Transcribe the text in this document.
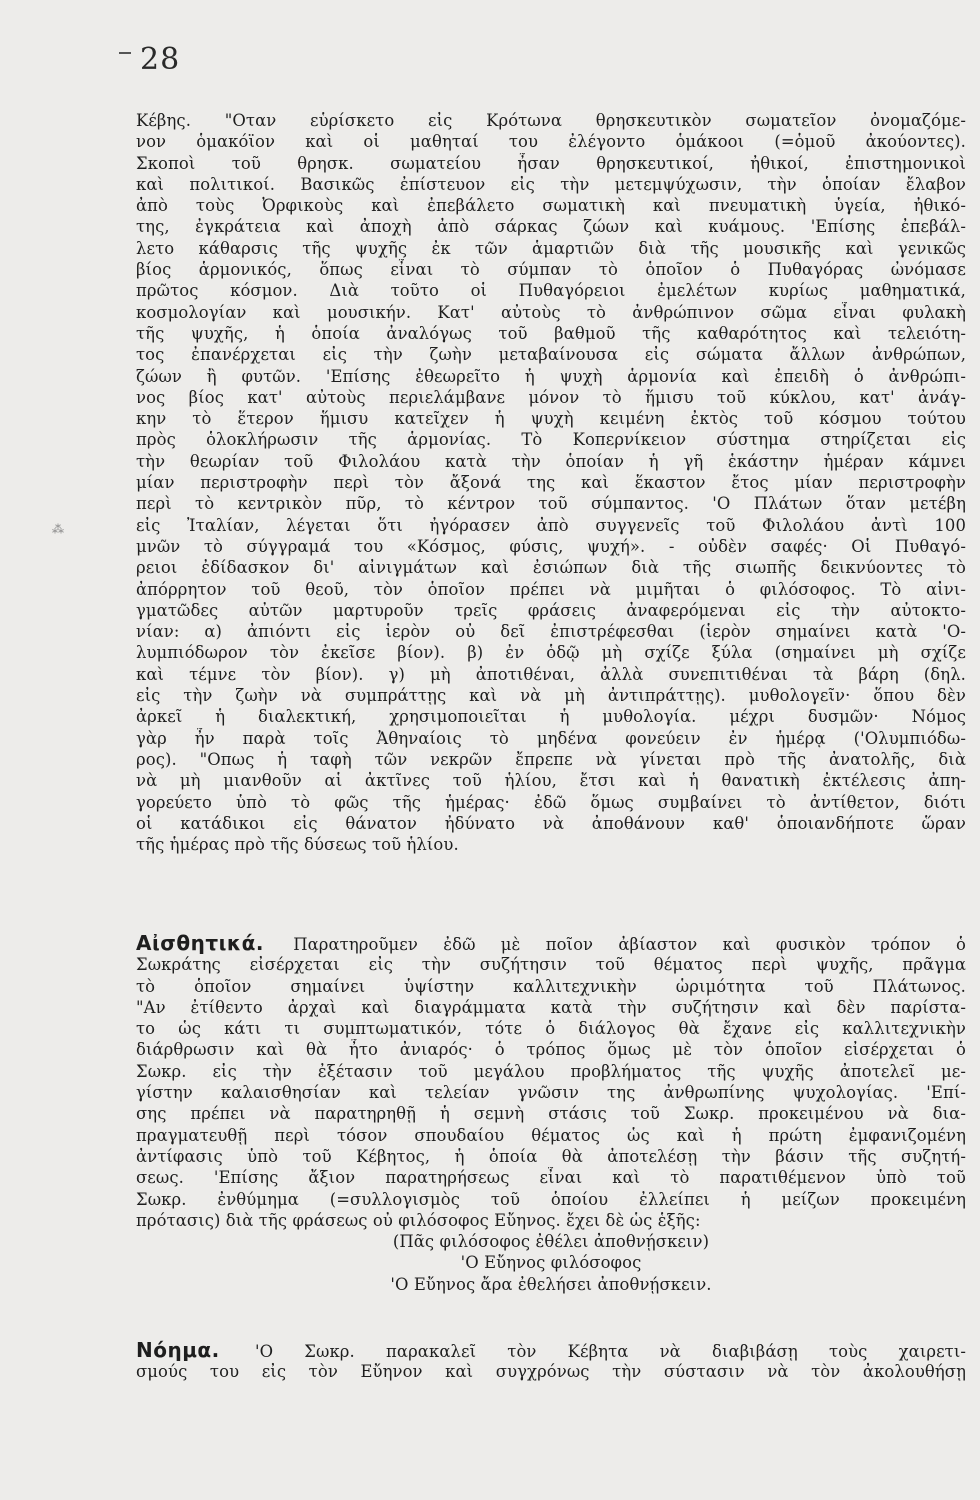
28
⁂
Κέβης. "Οταν εὑρίσκετο εἰς Κρότωνα θρησκευτικὸν σωματεῖον ὀνομαζόμε-
νον ὁμακόϊον καὶ οἱ μαθηταί του ἐλέγοντο ὁμάκοοι (=ὁμοῦ ἀκούοντες).
Σκοποὶ τοῦ θρησκ. σωματείου ἦσαν θρησκευτικοί, ἠθικοί, ἐπιστημονικοὶ
καὶ πολιτικοί. Βασικῶς ἐπίστευον εἰς τὴν μετεμψύχωσιν, τὴν ὁποίαν ἔλαβον
ἀπὸ τοὺς Ὀρφικοὺς καὶ ἐπεβάλετο σωματικὴ καὶ πνευματικὴ ὑγεία, ἠθικό-
της, ἐγκράτεια καὶ ἀποχὴ ἀπὸ σάρκας ζώων καὶ κυάμους. 'Επίσης ἐπεβάλ-
λετο κάθαρσις τῆς ψυχῆς ἐκ τῶν ἁμαρτιῶν διὰ τῆς μουσικῆς καὶ γενικῶς
βίος ἁρμονικός, ὅπως εἶναι τὸ σύμπαν τὸ ὁποῖον ὁ Πυθαγόρας ὠνόμασε
πρῶτος κόσμον. Διὰ τοῦτο οἱ Πυθαγόρειοι ἐμελέτων κυρίως μαθηματικά,
κοσμολογίαν καὶ μουσικήν. Κατ' αὐτοὺς τὸ ἀνθρώπινον σῶμα εἶναι φυλακὴ
τῆς ψυχῆς, ἡ ὁποία ἀναλόγως τοῦ βαθμοῦ τῆς καθαρότητος καὶ τελειότη-
τος ἐπανέρχεται εἰς τὴν ζωὴν μεταβαίνουσα εἰς σώματα ἄλλων ἀνθρώπων,
ζώων ἢ φυτῶν. 'Επίσης ἐθεωρεῖτο ἡ ψυχὴ ἁρμονία καὶ ἐπειδὴ ὁ ἀνθρώπι-
νος βίος κατ' αὐτοὺς περιελάμβανε μόνον τὸ ἥμισυ τοῦ κύκλου, κατ' ἀνάγ-
κην τὸ ἕτερον ἥμισυ κατεῖχεν ἡ ψυχὴ κειμένη ἐκτὸς τοῦ κόσμου τούτου
πρὸς ὁλοκλήρωσιν τῆς ἁρμονίας. Τὸ Κοπερνίκειον σύστημα στηρίζεται εἰς
τὴν θεωρίαν τοῦ Φιλολάου κατὰ τὴν ὁποίαν ἡ γῆ ἑκάστην ἡμέραν κάμνει
μίαν περιστροφὴν περὶ τὸν ἄξονά της καὶ ἕκαστον ἔτος μίαν περιστροφὴν
περὶ τὸ κεντρικὸν πῦρ, τὸ κέντρον τοῦ σύμπαντος. 'Ο Πλάτων ὅταν μετέβη
εἰς Ἰταλίαν, λέγεται ὅτι ἠγόρασεν ἀπὸ συγγενεῖς τοῦ Φιλολάου ἀντὶ 100
μνῶν τὸ σύγγραμά του «Κόσμος, φύσις, ψυχή». - οὐδὲν σαφές· Οἱ Πυθαγό-
ρειοι ἐδίδασκον δι' αἰνιγμάτων καὶ ἐσιώπων διὰ τῆς σιωπῆς δεικνύοντες τὸ
ἀπόρρητον τοῦ θεοῦ, τὸν ὁποῖον πρέπει νὰ μιμῆται ὁ φιλόσοφος. Τὸ αἰνι-
γματῶδες αὐτῶν μαρτυροῦν τρεῖς φράσεις ἀναφερόμεναι εἰς τὴν αὐτοκτο-
νίαν: α) ἀπιόντι εἰς ἱερὸν οὐ δεῖ ἐπιστρέφεσθαι (ἱερὸν σημαίνει κατὰ 'Ο-
λυμπιόδωρον τὸν ἐκεῖσε βίον). β) ἐν ὁδῷ μὴ σχίζε ξύλα (σημαίνει μὴ σχίζε
καὶ τέμνε τὸν βίον). γ) μὴ ἀποτιθέναι, ἀλλὰ συνεπιτιθέναι τὰ βάρη (δηλ.
εἰς τὴν ζωὴν νὰ συμπράττῃς καὶ νὰ μὴ ἀντιπράττῃς). μυθολογεῖν· ὅπου δὲν
ἀρκεῖ ἡ διαλεκτική, χρησιμοποιεῖται ἡ μυθολογία. μέχρι δυσμῶν· Νόμος
γὰρ ἦν παρὰ τοῖς Ἀθηναίοις τὸ μηδένα φονεύειν ἐν ἡμέρᾳ ('Ολυμπιόδω-
ρος). "Οπως ἡ ταφὴ τῶν νεκρῶν ἔπρεπε νὰ γίνεται πρὸ τῆς ἀνατολῆς, διὰ
νὰ μὴ μιανθοῦν αἱ ἀκτῖνες τοῦ ἡλίου, ἔτσι καὶ ἡ θανατικὴ ἐκτέλεσις ἀπη-
γορεύετο ὑπὸ τὸ φῶς τῆς ἡμέρας· ἐδῶ ὅμως συμβαίνει τὸ ἀντίθετον, διότι
οἱ κατάδικοι εἰς θάνατον ἠδύνατο νὰ ἀποθάνουν καθ' ὁποιανδήποτε ὥραν
τῆς ἡμέρας πρὸ τῆς δύσεως τοῦ ἡλίου.
Αἰσθητικά. Παρατηροῦμεν ἐδῶ μὲ ποῖον ἀβίαστον καὶ φυσικὸν τρόπον ὁ
Σωκράτης εἰσέρχεται εἰς τὴν συζήτησιν τοῦ θέματος περὶ ψυχῆς, πρᾶγμα
τὸ ὁποῖον σημαίνει ὑψίστην καλλιτεχνικὴν ὡριμότητα τοῦ Πλάτωνος.
"Αν ἐτίθεντο ἀρχαὶ καὶ διαγράμματα κατὰ τὴν συζήτησιν καὶ δὲν παρίστα-
το ὡς κάτι τι συμπτωματικόν, τότε ὁ διάλογος θὰ ἔχανε εἰς καλλιτεχνικὴν
διάρθρωσιν καὶ θὰ ἦτο ἀνιαρός· ὁ τρόπος ὅμως μὲ τὸν ὁποῖον εἰσέρχεται ὁ
Σωκρ. εἰς τὴν ἐξέτασιν τοῦ μεγάλου προβλήματος τῆς ψυχῆς ἀποτελεῖ με-
γίστην καλαισθησίαν καὶ τελείαν γνῶσιν της ἀνθρωπίνης ψυχολογίας. 'Επί-
σης πρέπει νὰ παρατηρηθῇ ἡ σεμνὴ στάσις τοῦ Σωκρ. προκειμένου νὰ δια-
πραγματευθῇ περὶ τόσον σπουδαίου θέματος ὡς καὶ ἡ πρώτη ἐμφανιζομένη
ἀντίφασις ὑπὸ τοῦ Κέβητος, ἡ ὁποία θὰ ἀποτελέσῃ τὴν βάσιν τῆς συζητή-
σεως. 'Επίσης ἄξιον παρατηρήσεως εἶναι καὶ τὸ παρατιθέμενον ὑπὸ τοῦ
Σωκρ. ἐνθύμημα (=συλλογισμὸς τοῦ ὁποίου ἐλλείπει ἡ μείζων προκειμένη
πρότασις) διὰ τῆς φράσεως οὐ φιλόσοφος Εὔηνος. ἔχει δὲ ὡς ἑξῆς:
(Πᾶς φιλόσοφος ἐθέλει ἀποθνῄσκειν)
'Ο Εὔηνος φιλόσοφος
'Ο Εὔηνος ἄρα ἐθελήσει ἀποθνῄσκειν.
Νόημα. 'Ο Σωκρ. παρακαλεῖ τὸν Κέβητα νὰ διαβιβάσῃ τοὺς χαιρετι-
σμούς του εἰς τὸν Εὔηνον καὶ συγχρόνως τὴν σύστασιν νὰ τὸν ἀκολουθήσῃ
